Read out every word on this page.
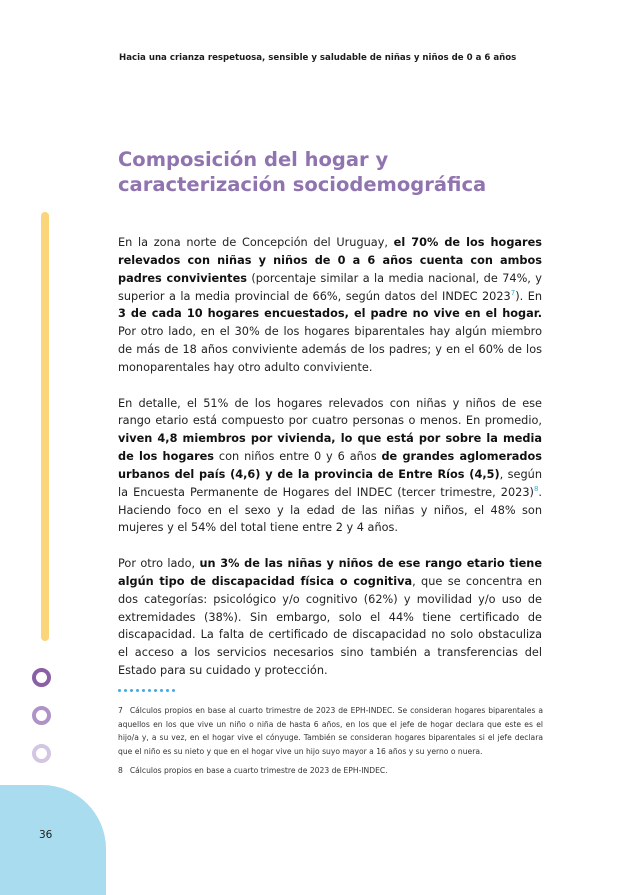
Hacia una crianza respetuosa, sensible y saludable de niñas y niños de 0 a 6 años
Composición del hogar y caracterización sociodemográfica

En la zona norte de Concepción del Uruguay, el 70% de los hogares relevados con niñas y niños de 0 a 6 años cuenta con ambos padres convivientes (porcentaje similar a la media nacional, de 74%, y superior a la media provincial de 66%, según datos del INDEC 2023$^7$). En 3 de cada 10 hogares encuestados, el padre no vive en el hogar. Por otro lado, en el 30% de los hogares biparentales hay algún miembro de más de 18 años conviviente además de los padres; y en el 60% de los monoparentales hay otro adulto conviviente.

En detalle, el 51% de los hogares relevados con niñas y niños de ese rango etario está compuesto por cuatro personas o menos. En promedio, viven 4,8 miembros por vivienda, lo que está por sobre la media de los hogares con niños entre 0 y 6 años de grandes aglomerados urbanos del país (4,6) y de la provincia de Entre Ríos (4,5), según la Encuesta Permanente de Hogares del INDEC (tercer trimestre, 2023)$^8$. Haciendo foco en el sexo y la edad de las niñas y niños, el 48% son mujeres y el 54% del total tiene entre 2 y 4 años.

Por otro lado, un 3% de las niñas y niños de ese rango etario tiene algún tipo de discapacidad física o cognitiva, que se concentra en dos categorías: psicológico y/o cognitivo (62%) y movilidad y/o uso de extremidades (38%). Sin embargo, solo el 44% tiene certificado de discapacidad. La falta de certificado de discapacidad no solo obstaculiza el acceso a los servicios necesarios sino también a transferencias del Estado para su cuidado y protección.

7 Cálculos propios en base al cuarto trimestre de 2023 de EPH-INDEC. Se consideran hogares biparentales a aquellos en los que vive un niño o niña de hasta 6 años, en los que el jefe de hogar declara que este es el hijo/a y, a su vez, en el hogar vive el cónyuge. También se consideran hogares biparentales si el jefe declara que el niño es su nieto y que en el hogar vive un hijo suyo mayor a 16 años y su yerno o nuera.

8 Cálculos propios en base a cuarto trimestre de 2023 de EPH-INDEC.

36
